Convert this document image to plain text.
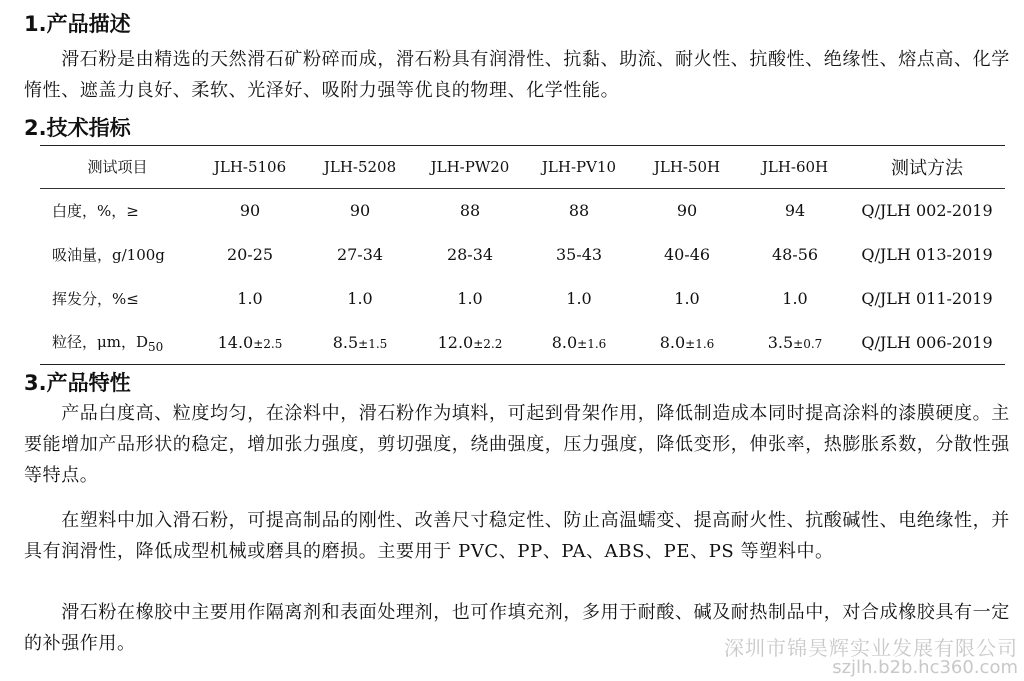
1.产品描述

　　滑石粉是由精选的天然滑石矿粉碎而成，滑石粉具有润滑性、抗黏、助流、耐火性、抗酸性、绝缘性、熔点高、化学惰性、遮盖力良好、柔软、光泽好、吸附力强等优良的物理、化学性能。

2.技术指标
测试项目	JLH-5106	JLH-5208	JLH-PW20	JLH-PV10	JLH-50H	JLH-60H	测试方法
白度，%，≥	90	90	88	88	90	94	Q/JLH 002-2019
吸油量，g/100g	20-25	27-34	28-34	35-43	40-46	48-56	Q/JLH 013-2019
挥发分，%≤	1.0	1.0	1.0	1.0	1.0	1.0	Q/JLH 011-2019
粒径，μm，$D_{50}$	14.0±2.5	8.5±1.5	12.0±2.2	8.0±1.6	8.0±1.6	3.5±0.7	Q/JLH 006-2019
3.产品特性

　　产品白度高、粒度均匀，在涂料中，滑石粉作为填料，可起到骨架作用，降低制造成本同时提高涂料的漆膜硬度。主要能增加产品形状的稳定，增加张力强度，剪切强度，绕曲强度，压力强度，降低变形，伸张率，热膨胀系数，分散性强等特点。

　　在塑料中加入滑石粉，可提高制品的刚性、改善尺寸稳定性、防止高温蠕变、提高耐火性、抗酸碱性、电绝缘性，并具有润滑性，降低成型机械或磨具的磨损。主要用于 PVC、PP、PA、ABS、PE、PS 等塑料中。

　　滑石粉在橡胶中主要用作隔离剂和表面处理剂，也可作填充剂，多用于耐酸、碱及耐热制品中，对合成橡胶具有一定的补强作用。	深圳市锦昊辉实业发展有限公司

szjlh.b2b.hc360.com
